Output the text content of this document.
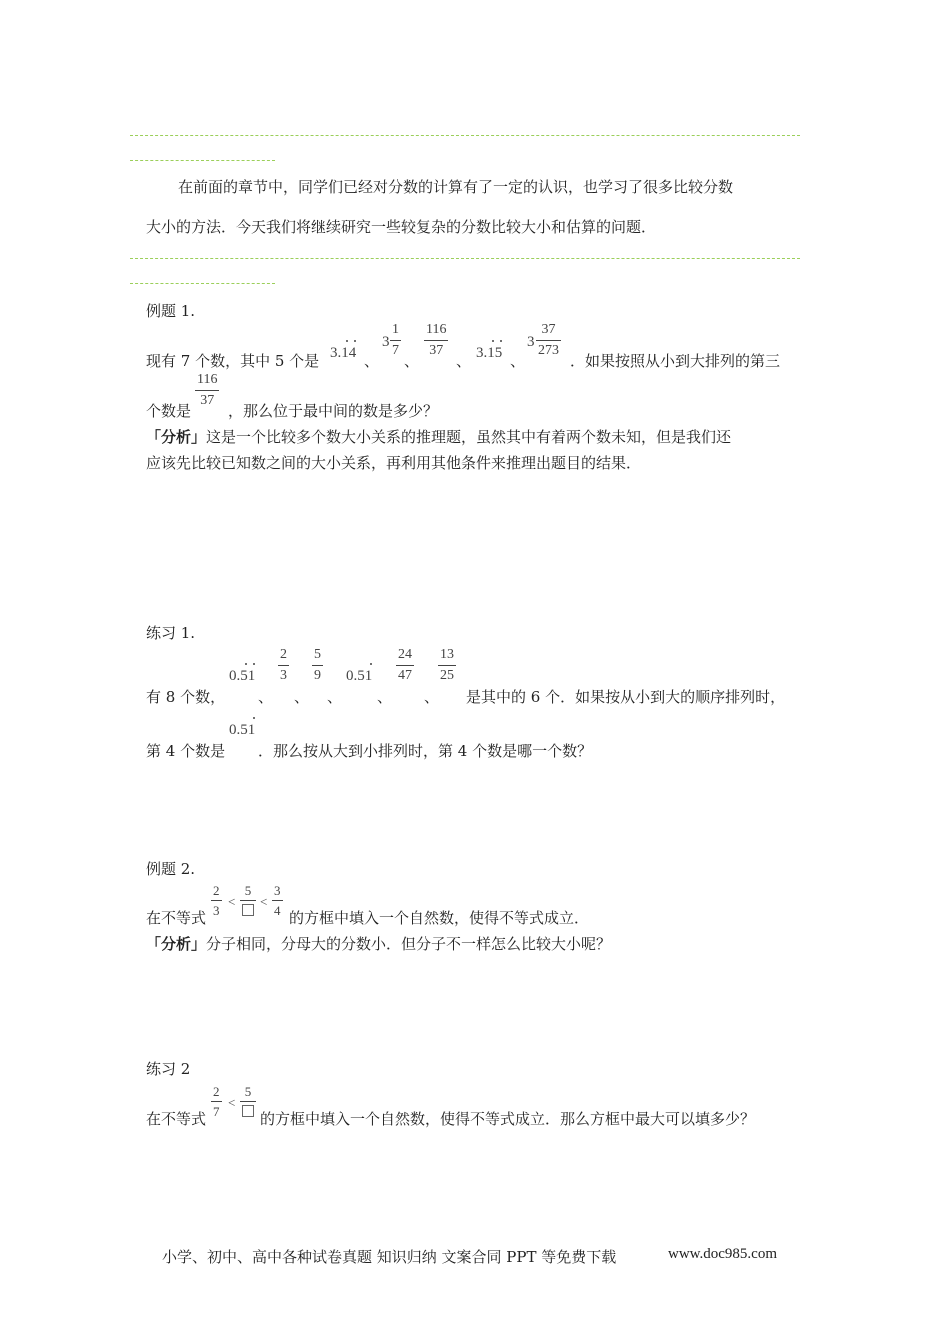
在前面的章节中，同学们已经对分数的计算有了一定的认识，也学习了很多比较分数
大小的方法．今天我们将继续研究一些较复杂的分数比较大小和估算的问题．
例题 1.
现有 7 个数，其中 5 个是 3.14 、
3
1
7
、
116
37
、 3.15 、
3
37
273
．如果按照从小到大排列的第三
个数是
116
37
，那么位于最中间的数是多少？
「分析」这是一个比较多个数大小关系的推理题，虽然其中有着两个数未知，但是我们还
应该先比较已知数之间的大小关系，再利用其他条件来推理出题目的结果．
练习 1.
0.51
2
3
5
9 0.51
24
47
13
25
有 8 个数， 、 、 、 、 、 是其中的 6 个．如果按从小到大的顺序排列时，
0.51
第 4 个数是 ．那么按从大到小排列时，第 4 个数是哪一个数？
例题 2.
在不等式
2
3
<
5
<
3
4 的方框中填入一个自然数，使得不等式成立．
「分析」分子相同，分母大的分数小．但分子不一样怎么比较大小呢？
练习 2
在不等式
2
7
<
5
的方框中填入一个自然数，使得不等式成立．那么方框中最大可以填多少？
小学、初中、高中各种试卷真题 知识归纳 文案合同 PPT 等免费下载	www.doc985.com
